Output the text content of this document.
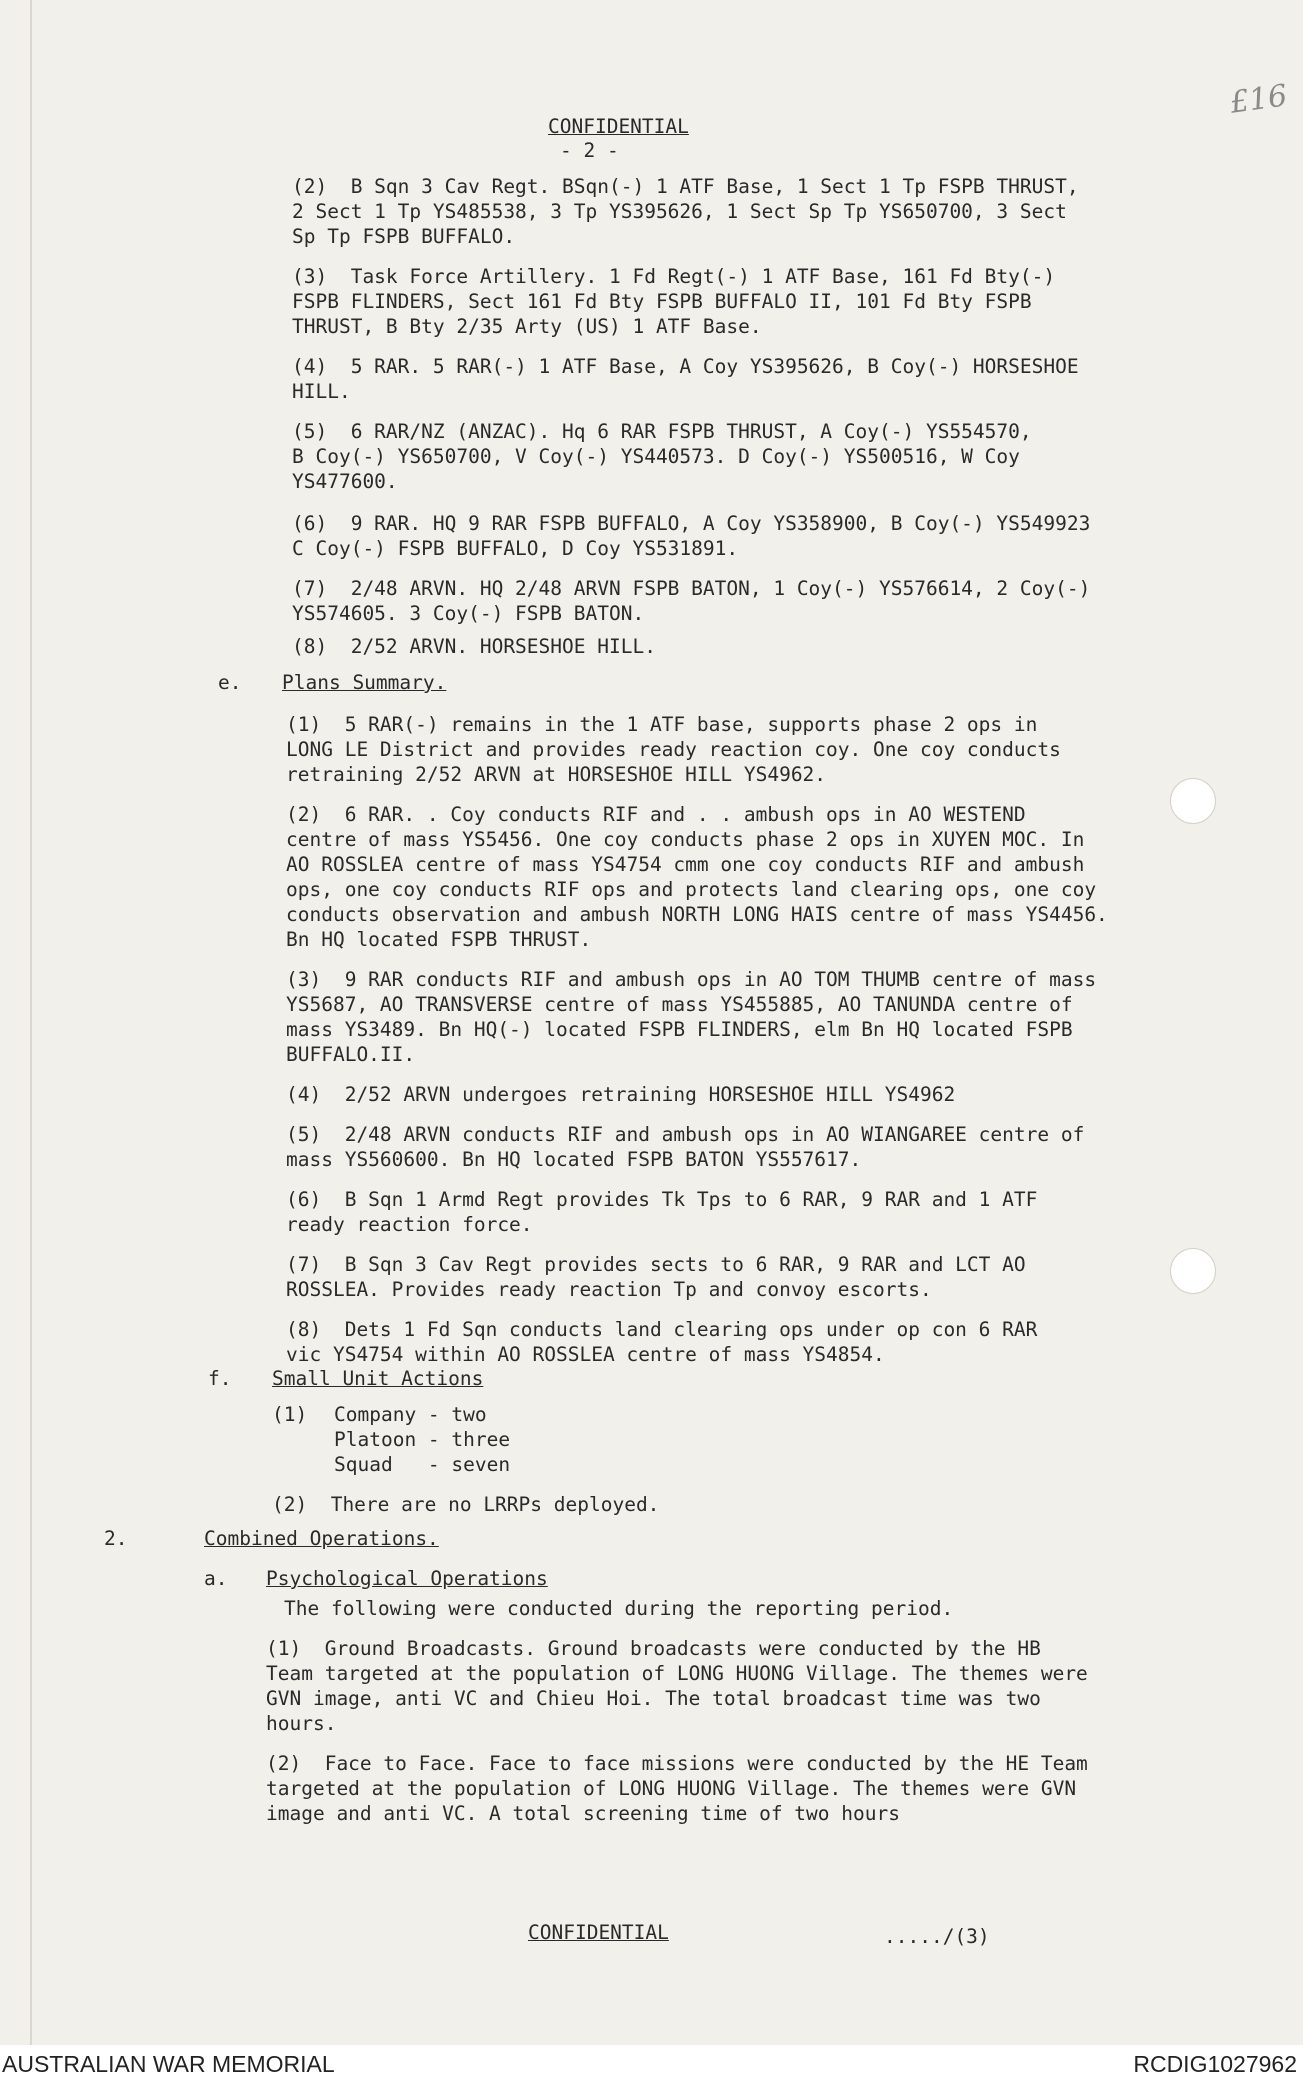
£16
CONFIDENTIAL
- 2 -
(2)  B Sqn 3 Cav Regt. BSqn(-) 1 ATF Base, 1 Sect 1 Tp FSPB THRUST,
2 Sect 1 Tp YS485538, 3 Tp YS395626, 1 Sect Sp Tp YS650700, 3 Sect
Sp Tp FSPB BUFFALO.
(3)  Task Force Artillery. 1 Fd Regt(-) 1 ATF Base, 161 Fd Bty(-)
FSPB FLINDERS, Sect 161 Fd Bty FSPB BUFFALO II, 101 Fd Bty FSPB
THRUST, B Bty 2/35 Arty (US) 1 ATF Base.
(4)  5 RAR. 5 RAR(-) 1 ATF Base, A Coy YS395626, B Coy(-) HORSESHOE
HILL.
(5)  6 RAR/NZ (ANZAC). Hq 6 RAR FSPB THRUST, A Coy(-) YS554570,
B Coy(-) YS650700, V Coy(-) YS440573. D Coy(-) YS500516, W Coy
YS477600.
(6)  9 RAR. HQ 9 RAR FSPB BUFFALO, A Coy YS358900, B Coy(-) YS549923
C Coy(-) FSPB BUFFALO, D Coy YS531891.
(7)  2/48 ARVN. HQ 2/48 ARVN FSPB BATON, 1 Coy(-) YS576614, 2 Coy(-)
YS574605. 3 Coy(-) FSPB BATON.
(8)  2/52 ARVN. HORSESHOE HILL.
e. Plans Summary.
(1)  5 RAR(-) remains in the 1 ATF base, supports phase 2 ops in
LONG LE District and provides ready reaction coy. One coy conducts
retraining 2/52 ARVN at HORSESHOE HILL YS4962.
(2)  6 RAR. . Coy conducts RIF and . . ambush ops in AO WESTEND
centre of mass YS5456. One coy conducts phase 2 ops in XUYEN MOC. In
AO ROSSLEA centre of mass YS4754 cmm one coy conducts RIF and ambush
ops, one coy conducts RIF ops and protects land clearing ops, one coy
conducts observation and ambush NORTH LONG HAIS centre of mass YS4456.
Bn HQ located FSPB THRUST.
(3)  9 RAR conducts RIF and ambush ops in AO TOM THUMB centre of mass
YS5687, AO TRANSVERSE centre of mass YS455885, AO TANUNDA centre of
mass YS3489. Bn HQ(-) located FSPB FLINDERS, elm Bn HQ located FSPB
BUFFALO.II.
(4)  2/52 ARVN undergoes retraining HORSESHOE HILL YS4962
(5)  2/48 ARVN conducts RIF and ambush ops in AO WIANGAREE centre of
mass YS560600. Bn HQ located FSPB BATON YS557617.
(6)  B Sqn 1 Armd Regt provides Tk Tps to 6 RAR, 9 RAR and 1 ATF
ready reaction force.
(7)  B Sqn 3 Cav Regt provides sects to 6 RAR, 9 RAR and LCT AO
ROSSLEA. Provides ready reaction Tp and convoy escorts.
(8)  Dets 1 Fd Sqn conducts land clearing ops under op con 6 RAR
vic YS4754 within AO ROSSLEA centre of mass YS4854.
f. Small Unit Actions
(1) Company - two
Platoon - three
Squad   - seven
(2)  There are no LRRPs deployed.
2.	Combined Operations.
a. Psychological Operations
The following were conducted during the reporting period.
(1)  Ground Broadcasts. Ground broadcasts were conducted by the HB
Team targeted at the population of LONG HUONG Village. The themes were
GVN image, anti VC and Chieu Hoi. The total broadcast time was two
hours.
(2)  Face to Face. Face to face missions were conducted by the HE Team
targeted at the population of LONG HUONG Village. The themes were GVN
image and anti VC. A total screening time of two hours
CONFIDENTIAL	...../(3)
AUSTRALIAN WAR MEMORIAL	RCDIG1027962
